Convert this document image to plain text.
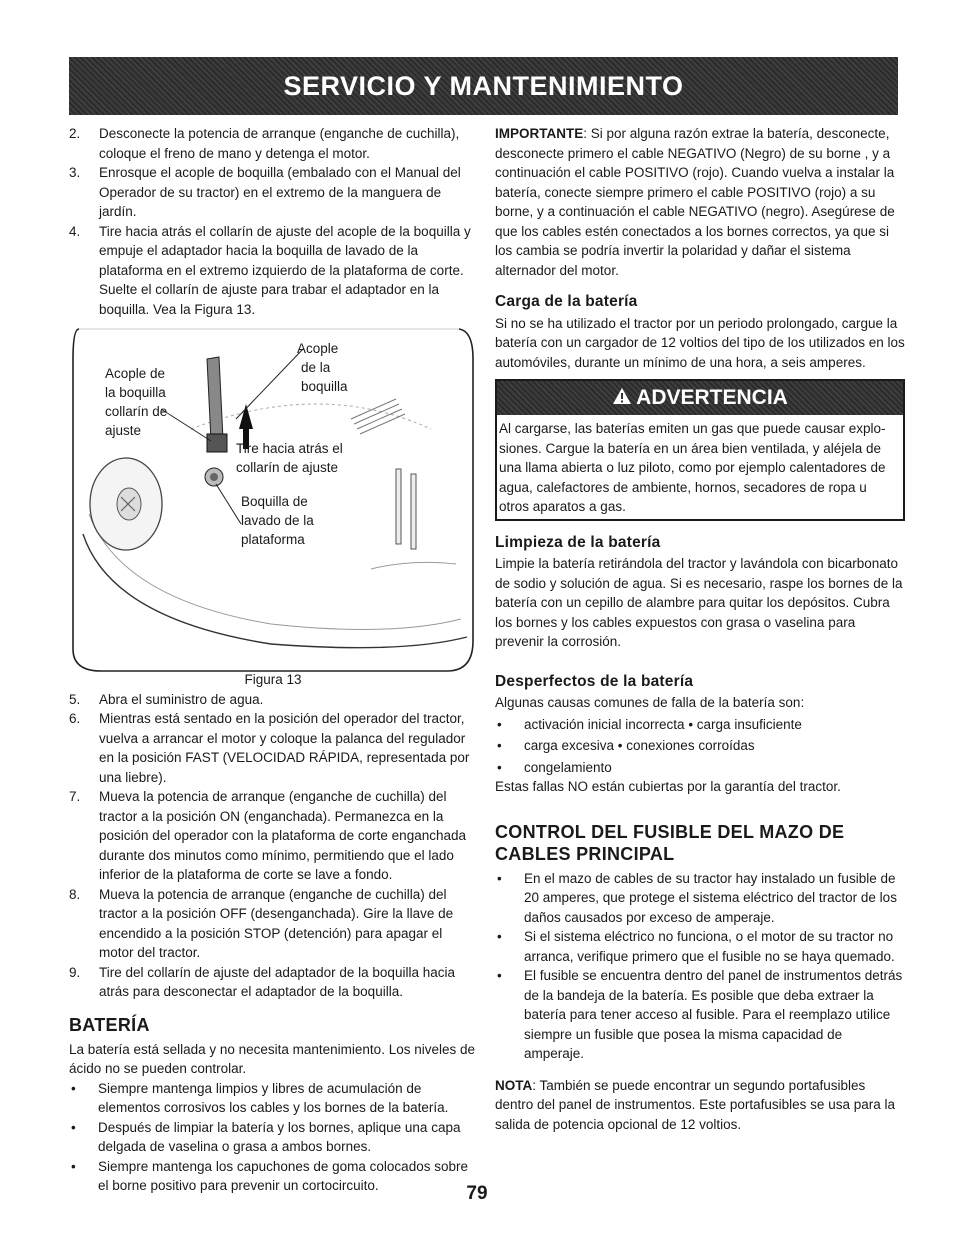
SERVICIO Y MANTENIMIENTO
2.	Desconecte la potencia de arranque (enganche de cuchilla), coloque el freno de mano y detenga el motor.
3.	Enrosque el acople de boquilla (embalado con el Manual del Operador de su tractor) en el extremo de la manguera de jardín.
4.	Tire hacia atrás el collarín de ajuste del acople de la boquilla y empuje el adaptador hacia la boquilla de lavado de la plataforma en el extremo izquierdo de la plataforma de corte. Suelte el collarín de ajuste para trabar el adaptador en la boquilla. Vea la Figura 13.
Acople
de la
boquilla
Acople de
la boquilla
collarín de
ajuste
Tire hacia atrás el
collarín de ajuste
Boquilla de
lavado de la
plataforma
Figura 13
5.	Abra el suministro de agua.
6.	Mientras está sentado en la posición del operador del tractor, vuelva a arrancar el motor y coloque la palanca del regulador en la posición FAST (VELOCIDAD RÁPIDA, representada por una liebre).
7.	Mueva la potencia de arranque (enganche de cuchilla) del tractor a la posición ON (enganchada). Permanezca en la posición del operador con la plataforma de corte enganchada durante dos minutos como mínimo, permitiendo que el lado inferior de la plataforma de corte se lave a fondo.
8.	Mueva la potencia de arranque (enganche de cuchilla) del tractor a la posición OFF (desenganchada). Gire la llave de encendido a la posición STOP (detención) para apagar el motor del tractor.
9.	Tire del collarín de ajuste del adaptador de la boquilla hacia atrás para desconectar el adaptador de la boquilla.
BATERÍA
La batería está sellada y no necesita mantenimiento. Los niveles de ácido no se pueden controlar.
•	Siempre mantenga limpios y libres de acumulación de elementos corrosivos los cables y los bornes de la batería.
•	Después de limpiar la batería y los bornes, aplique una capa delgada de vaselina o grasa a ambos bornes.
•	Siempre mantenga los capuchones de goma colocados sobre el borne positivo para prevenir un cortocircuito.
IMPORTANTE: Si por alguna razón extrae la batería, desconecte, desconecte primero el cable NEGATIVO (Negro) de su borne , y a continuación el cable POSITIVO (rojo). Cuando vuelva a instalar la batería, conecte siempre primero el cable POSITIVO (rojo) a su borne, y a continuación el cable NEGATIVO (negro). Asegúrese de que los cables estén conectados a los bornes correctos, ya que si los cambia se podría invertir la polaridad y dañar el sistema alternador del motor.
Carga de la batería
Si no se ha utilizado el tractor por un periodo prolongado, cargue la batería con un cargador de 12 voltios del tipo de los utilizados en los automóviles, durante un mínimo de una hora, a seis amperes.
ADVERTENCIA
Al cargarse, las baterías emiten un gas que puede causar explo-siones. Cargue la batería en un área bien ventilada, y aléjela de una llama abierta o luz piloto, como por ejemplo calentadores de agua, calefactores de ambiente, hornos, secadores de ropa u otros aparatos a gas.
Limpieza de la batería
Limpie la batería retirándola del tractor y lavándola con bicarbonato de sodio y solución de agua. Si es necesario, raspe los bornes de la batería con un cepillo de alambre para quitar los depósitos. Cubra los bornes y los cables expuestos con grasa o vaselina para prevenir la corrosión.
Desperfectos de la batería
Algunas causas comunes de falla de la batería son:
•	activación inicial incorrecta • carga insuficiente
•	carga excesiva • conexiones corroídas
•	congelamiento
Estas fallas NO están cubiertas por la garantía del tractor.
CONTROL DEL FUSIBLE DEL MAZO DE CABLES PRINCIPAL
•	En el mazo de cables de su tractor hay instalado un fusible de 20 amperes, que protege el sistema eléctrico del tractor de los daños causados por exceso de amperaje.
•	Si el sistema eléctrico no funciona, o el motor de su tractor no arranca, verifique primero que el fusible no se haya quemado.
•	El fusible se encuentra dentro del panel de instrumentos detrás de la bandeja de la batería. Es posible que deba extraer la batería para tener acceso al fusible. Para el reemplazo utilice siempre un fusible que posea la misma capacidad de amperaje.
NOTA: También se puede encontrar un segundo portafusibles dentro del panel de instrumentos. Este portafusibles se usa para la salida de potencia opcional de 12 voltios.
79
